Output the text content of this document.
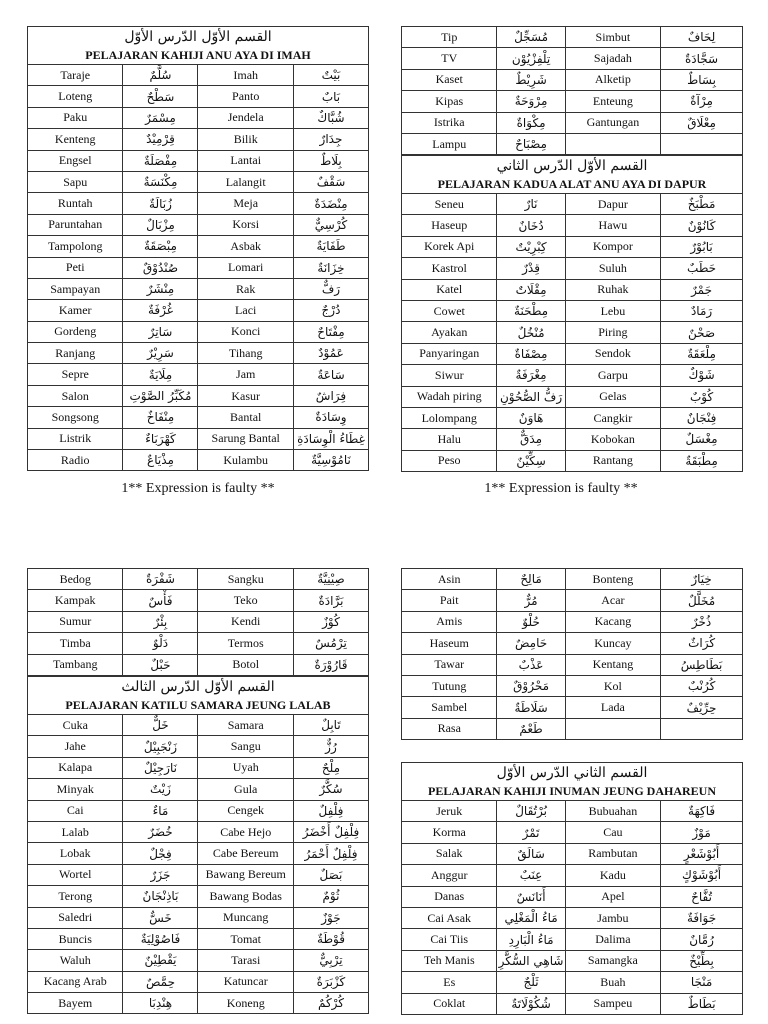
القسم الأوّل الدّرس الأوّل
PELAJARAN KAHIJI ANU AYA DI IMAH
Taraje	سُلَّمٌ	Imah	بَيْتٌ
Loteng	سَطْحٌ	Panto	بَابٌ
Paku	مِسْمَرٌ	Jendela	شُبَّاكٌ
Kenteng	قِرْمِيْدٌ	Bilik	جِدَارٌ
Engsel	مِفْصَلَةٌ	Lantai	بِلَاطٌ
Sapu	مِكْنَسَةٌ	Lalangit	سَقْفٌ
Runtah	زُبَالَةٌ	Meja	مِنْضَدَةٌ
Paruntahan	مِزْبَالٌ	Korsi	كُرْسِيٌّ
Tampolong	مِبْصَقَةٌ	Asbak	طَفَايَةٌ
Peti	صُنْدُوْقٌ	Lomari	خِزَانَةٌ
Sampayan	مِنْشَرٌ	Rak	رَفٌّ
Kamer	غُرْفَةٌ	Laci	دُرْجٌ
Gordeng	سَاتِرٌ	Konci	مِفْتَاحٌ
Ranjang	سَرِيْرٌ	Tihang	عَمُوْدٌ
Sepre	مِلَايَةٌ	Jam	سَاعَةٌ
Salon	مُكَبِّرُ الصَّوْتِ	Kasur	فِرَاشٌ
Songsong	مِنْفَاخٌ	Bantal	وِسَادَةٌ
Listrik	كَهْرَبَاءٌ	Sarung Bantal	غِطَاءُ الْوِسَادَةِ
Radio	مِذْيَاعٌ	Kulambu	نَامُوْسِيَّةٌ
1** Expression is faulty **
Tip	مُسَجِّلٌ	Simbut	لِحَافٌ
TV	تِلْفِزْيُوْن	Sajadah	سَجَّادَةٌ
Kaset	شَرِيْطٌ	Alketip	بِسَاطٌ
Kipas	مِرْوَحَةٌ	Enteung	مِرْآةٌ
Istrika	مِكْوَاةٌ	Gantungan	مِعْلَاقٌ
Lampu	مِصْبَاحٌ		
القسم الأوّل الدّرس الثاني
PELAJARAN KADUA ALAT ANU AYA DI DAPUR
Seneu	نَارٌ	Dapur	مَطْبَخٌ
Haseup	دُخَانٌ	Hawu	كَانُوْنٌ
Korek Api	كِبْرِيْتٌ	Kompor	بَابُوْرٌ
Kastrol	قِدْرٌ	Suluh	حَطَبٌ
Katel	مِقْلَاتٌ	Ruhak	جَمْرٌ
Cowet	مِطْحَنَةٌ	Lebu	رَمَادٌ
Ayakan	مُنْخُلٌ	Piring	صَحْنٌ
Panyaringan	مِصْفَاةٌ	Sendok	مِلْعَقَةٌ
Siwur	مِغْرَفَةٌ	Garpu	شَوْكٌ
Wadah piring	رَفُّ الصُّحُوْنِ	Gelas	كُوْبٌ
Lolompang	هَاوَنٌ	Cangkir	فِنْجَانٌ
Halu	مِدَقٌّ	Kobokan	مِغْسَلٌ
Peso	سِكِّيْنٌ	Rantang	مِطْبَقَةٌ
1** Expression is faulty **
Bedog	شَفْرَةٌ	Sangku	صِيْنِيَّةٌ
Kampak	فَأْسٌ	Teko	بَرَّادَةٌ
Sumur	بِئْرٌ	Kendi	كُوْزٌ
Timba	دَلْوٌ	Termos	تِرْمُسٌ
Tambang	حَبْلٌ	Botol	قَارُوْرَةٌ
القسم الأوّل الدّرس الثالث
PELAJARAN KATILU SAMARA JEUNG LALAB
Cuka	خَلٌّ	Samara	تَابِلٌ
Jahe	زَنْجَبِيْلٌ	Sangu	رُزٌّ
Kalapa	نَارَجِيْلٌ	Uyah	مِلْحٌ
Minyak	زَيْتٌ	Gula	سُكَّرٌ
Cai	مَاءٌ	Cengek	فِلْفِلٌ
Lalab	خُضَرٌ	Cabe Hejo	فِلْفِلٌ أَخْضَرُ
Lobak	فِجْلٌ	Cabe Bereum	فِلْفِلٌ أَحْمَرُ
Wortel	جَزَرٌ	Bawang Bereum	بَصَلٌ
Terong	بَاذِنْجَانٌ	Bawang Bodas	ثُوْمٌ
Saledri	خَسٌّ	Muncang	جَوْزٌ
Buncis	فَاصُوْلِيَةٌ	Tomat	قُوْطَةٌ
Waluh	يَقْطِيْنٌ	Tarasi	تِرْبِيٌّ
Kacang Arab	حِمَّصٌ	Katuncar	كَزْبَرَةٌ
Bayem	هِنْدِبَا	Koneng	كُرْكُمٌ
Asin	مَالِحٌ	Bonteng	خِيَارٌ
Pait	مُرٌّ	Acar	مُخَلَّلٌ
Amis	حُلْوٌ	Kacang	ذُخْرٌ
Haseum	حَامِضٌ	Kuncay	كُرَاثٌ
Tawar	عَذْبٌ	Kentang	بَطَاطِسُ
Tutung	مَحْرُوْقٌ	Kol	كُرُنْبٌ
Sambel	سَلَاطَةٌ	Lada	حِرِّيْفٌ
Rasa	طَعْمٌ		
القسم الثاني الدّرس الأوّل
PELAJARAN KAHIJI INUMAN JEUNG DAHAREUN
Jeruk	بُرْتُقَالٌ	Bubuahan	فَاكِهَةٌ
Korma	تَمْرٌ	Cau	مَوْزٌ
Salak	سَالَقٌ	Rambutan	أَبُوْشَعْرٍ
Anggur	عِنَبٌ	Kadu	أَبُوْشَوْكٍ
Danas	أَنَانَسٌ	Apel	تُفَّاحٌ
Cai Asak	مَاءُ الْمَغْلِي	Jambu	جَوَافَةٌ
Cai Tiis	مَاءُ الْبَارِدِ	Dalima	رُمَّانٌ
Teh Manis	شَاهِي السُّكَّرِ	Samangka	بِطِّيْخٌ
Es	ثَلْجٌ	Buah	مَنْجَا
Coklat	شُكُوْلَاتَةٌ	Sampeu	بَطَاطٌ
